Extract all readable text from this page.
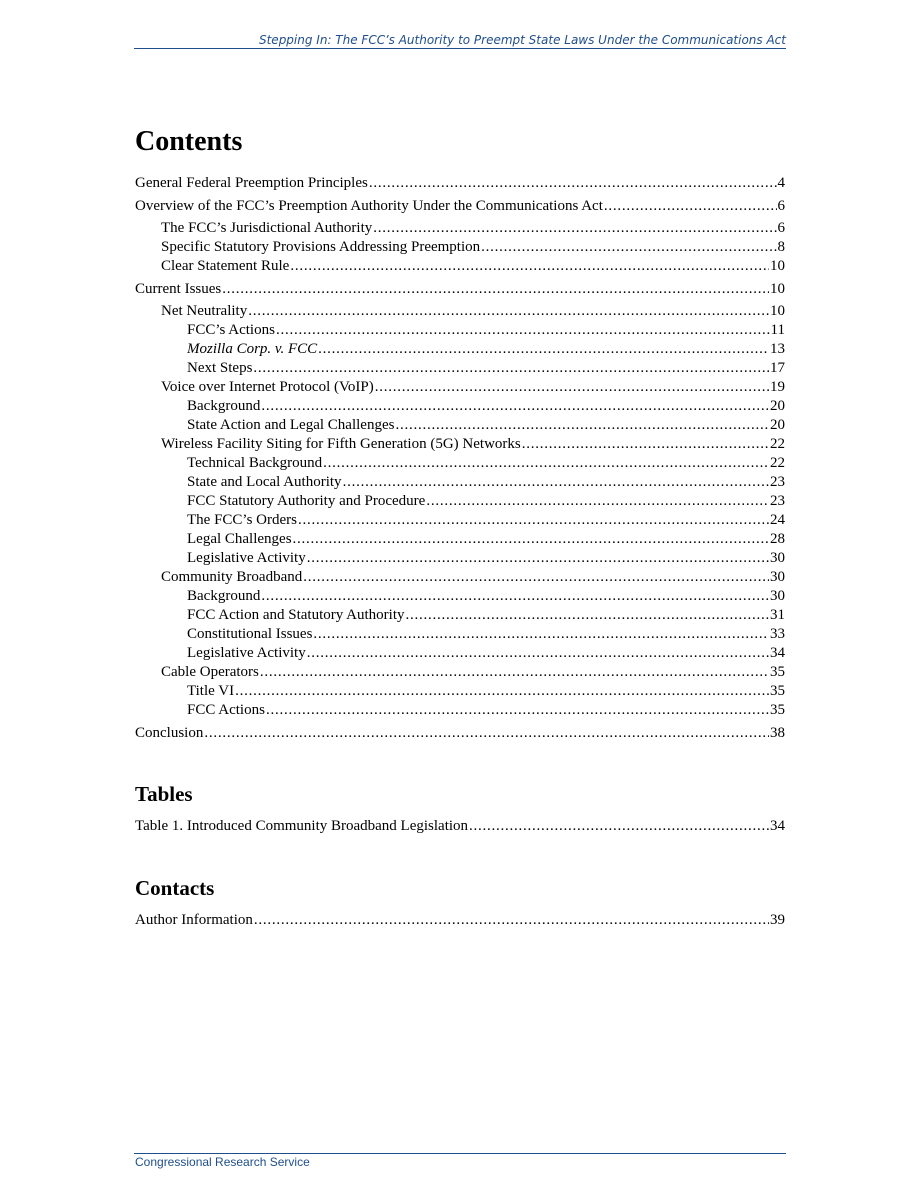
Stepping In: The FCC’s Authority to Preempt State Laws Under the Communications Act
Contents
General Federal Preemption Principles . . .	4
Overview of the FCC’s Preemption Authority Under the Communications Act . . .	6
The FCC’s Jurisdictional Authority . . .	6
Specific Statutory Provisions Addressing Preemption . . .	8
Clear Statement Rule . . .	10
Current Issues . . .	10
Net Neutrality . . .	10
FCC’s Actions . . .	11
Mozilla Corp. v. FCC . . .	13
Next Steps . . .	17
Voice over Internet Protocol (VoIP) . . .	19
Background . . .	20
State Action and Legal Challenges . . .	20
Wireless Facility Siting for Fifth Generation (5G) Networks . . .	22
Technical Background . . .	22
State and Local Authority . . .	23
FCC Statutory Authority and Procedure . . .	23
The FCC’s Orders . . .	24
Legal Challenges . . .	28
Legislative Activity . . .	30
Community Broadband . . .	30
Background . . .	30
FCC Action and Statutory Authority . . .	31
Constitutional Issues . . .	33
Legislative Activity . . .	34
Cable Operators . . .	35
Title VI . . .	35
FCC Actions . . .	35
Conclusion . . .	38
Tables
Table 1. Introduced Community Broadband Legislation . . .	34
Contacts
Author Information . . .	39
Congressional Research Service
